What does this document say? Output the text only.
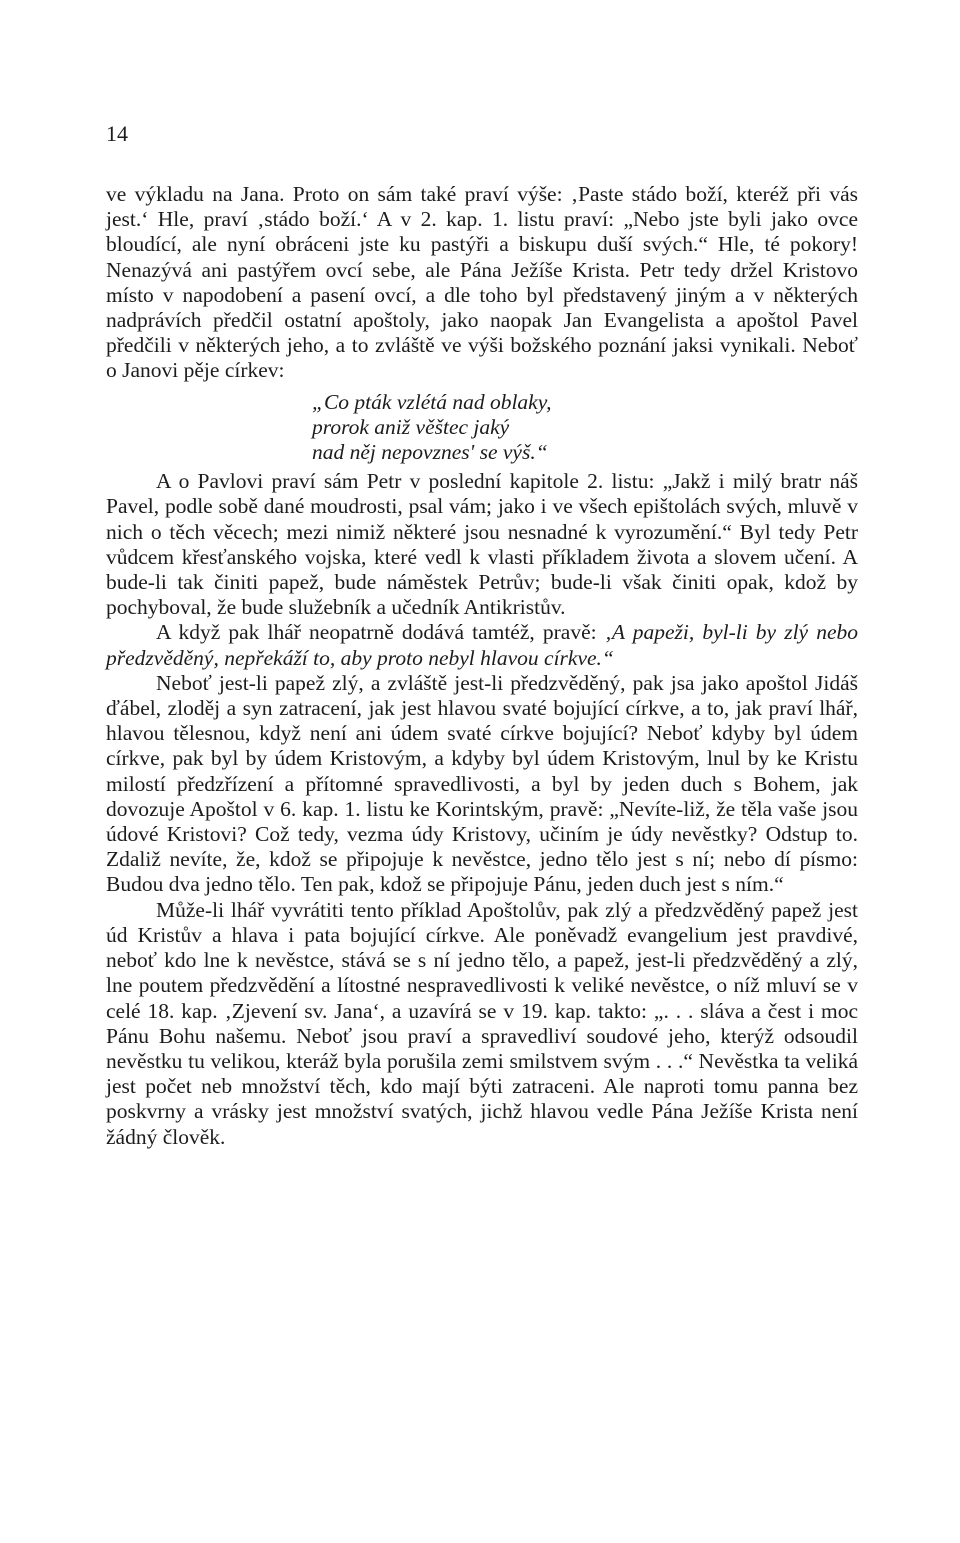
14

ve výkladu na Jana. Proto on sám také praví výše: ‚Paste stádo boží, kteréž při vás jest.‘ Hle, praví ‚stádo boží.‘ A v 2. kap. 1. listu praví: „Nebo jste byli jako ovce bloudící, ale nyní obráceni jste ku pastýři a biskupu duší svých.“ Hle, té pokory! Nenazývá ani pastýřem ovcí sebe, ale Pána Ježíše Krista. Petr tedy držel Kristovo místo v napodobení a pasení ovcí, a dle toho byl představený jiným a v některých nadprávích předčil ostatní apoštoly, jako naopak Jan Evangelista a apoštol Pavel předčili v některých jeho, a to zvláště ve výši božského poznání jaksi vynikali. Neboť o Janovi pěje církev:

„Co pták vzlétá nad oblaky,
prorok aniž věštec jaký
nad něj nepovznes' se výš.“

A o Pavlovi praví sám Petr v poslední kapitole 2. listu: „Jakž i milý bratr náš Pavel, podle sobě dané moudrosti, psal vám; jako i ve všech epištolách svých, mluvě v nich o těch věcech; mezi nimiž některé jsou nesnadné k vyrozumění.“ Byl tedy Petr vůdcem křesťanského vojska, které vedl k vlasti příkladem života a slovem učení. A bude-li tak činiti papež, bude náměstek Petrův; bude-li však činiti opak, kdož by pochyboval, že bude služebník a učedník Antikristův.

A když pak lhář neopatrně dodává tamtéž, pravě: ‚A papeži, byl-li by zlý nebo předzvěděný, nepřekáží to, aby proto nebyl hlavou církve.“

Neboť jest-li papež zlý, a zvláště jest-li předzvěděný, pak jsa jako apoštol Jidáš ďábel, zloděj a syn zatracení, jak jest hlavou svaté bojující církve, a to, jak praví lhář, hlavou tělesnou, když není ani údem svaté církve bojující? Neboť kdyby byl údem církve, pak byl by údem Kristovým, a kdyby byl údem Kristovým, lnul by ke Kristu milostí předzřízení a přítomné spravedlivosti, a byl by jeden duch s Bohem, jak dovozuje Apoštol v 6. kap. 1. listu ke Korintským, pravě: „Nevíte-liž, že těla vaše jsou údové Kristovi? Což tedy, vezma údy Kristovy, učiním je údy nevěstky? Odstup to. Zdaliž nevíte, že, kdož se připojuje k nevěstce, jedno tělo jest s ní; nebo dí písmo: Budou dva jedno tělo. Ten pak, kdož se připojuje Pánu, jeden duch jest s ním.“

Může-li lhář vyvrátiti tento příklad Apoštolův, pak zlý a předzvěděný papež jest úd Kristův a hlava i pata bojující církve. Ale poněvadž evangelium jest pravdivé, neboť kdo lne k nevěstce, stává se s ní jedno tělo, a papež, jest-li předzvěděný a zlý, lne poutem předzvědění a lítostné nespravedlivosti k veliké nevěstce, o níž mluví se v celé 18. kap. ‚Zjevení sv. Jana‘, a uzavírá se v 19. kap. takto: „. . . sláva a čest i moc Pánu Bohu našemu. Neboť jsou praví a spravedliví soudové jeho, kterýž odsoudil nevěstku tu velikou, kteráž byla porušila zemi smilstvem svým . . .“ Nevěstka ta veliká jest počet neb množství těch, kdo mají býti zatraceni. Ale naproti tomu panna bez poskvrny a vrásky jest množství svatých, jichž hlavou vedle Pána Ježíše Krista není žádný člověk.
